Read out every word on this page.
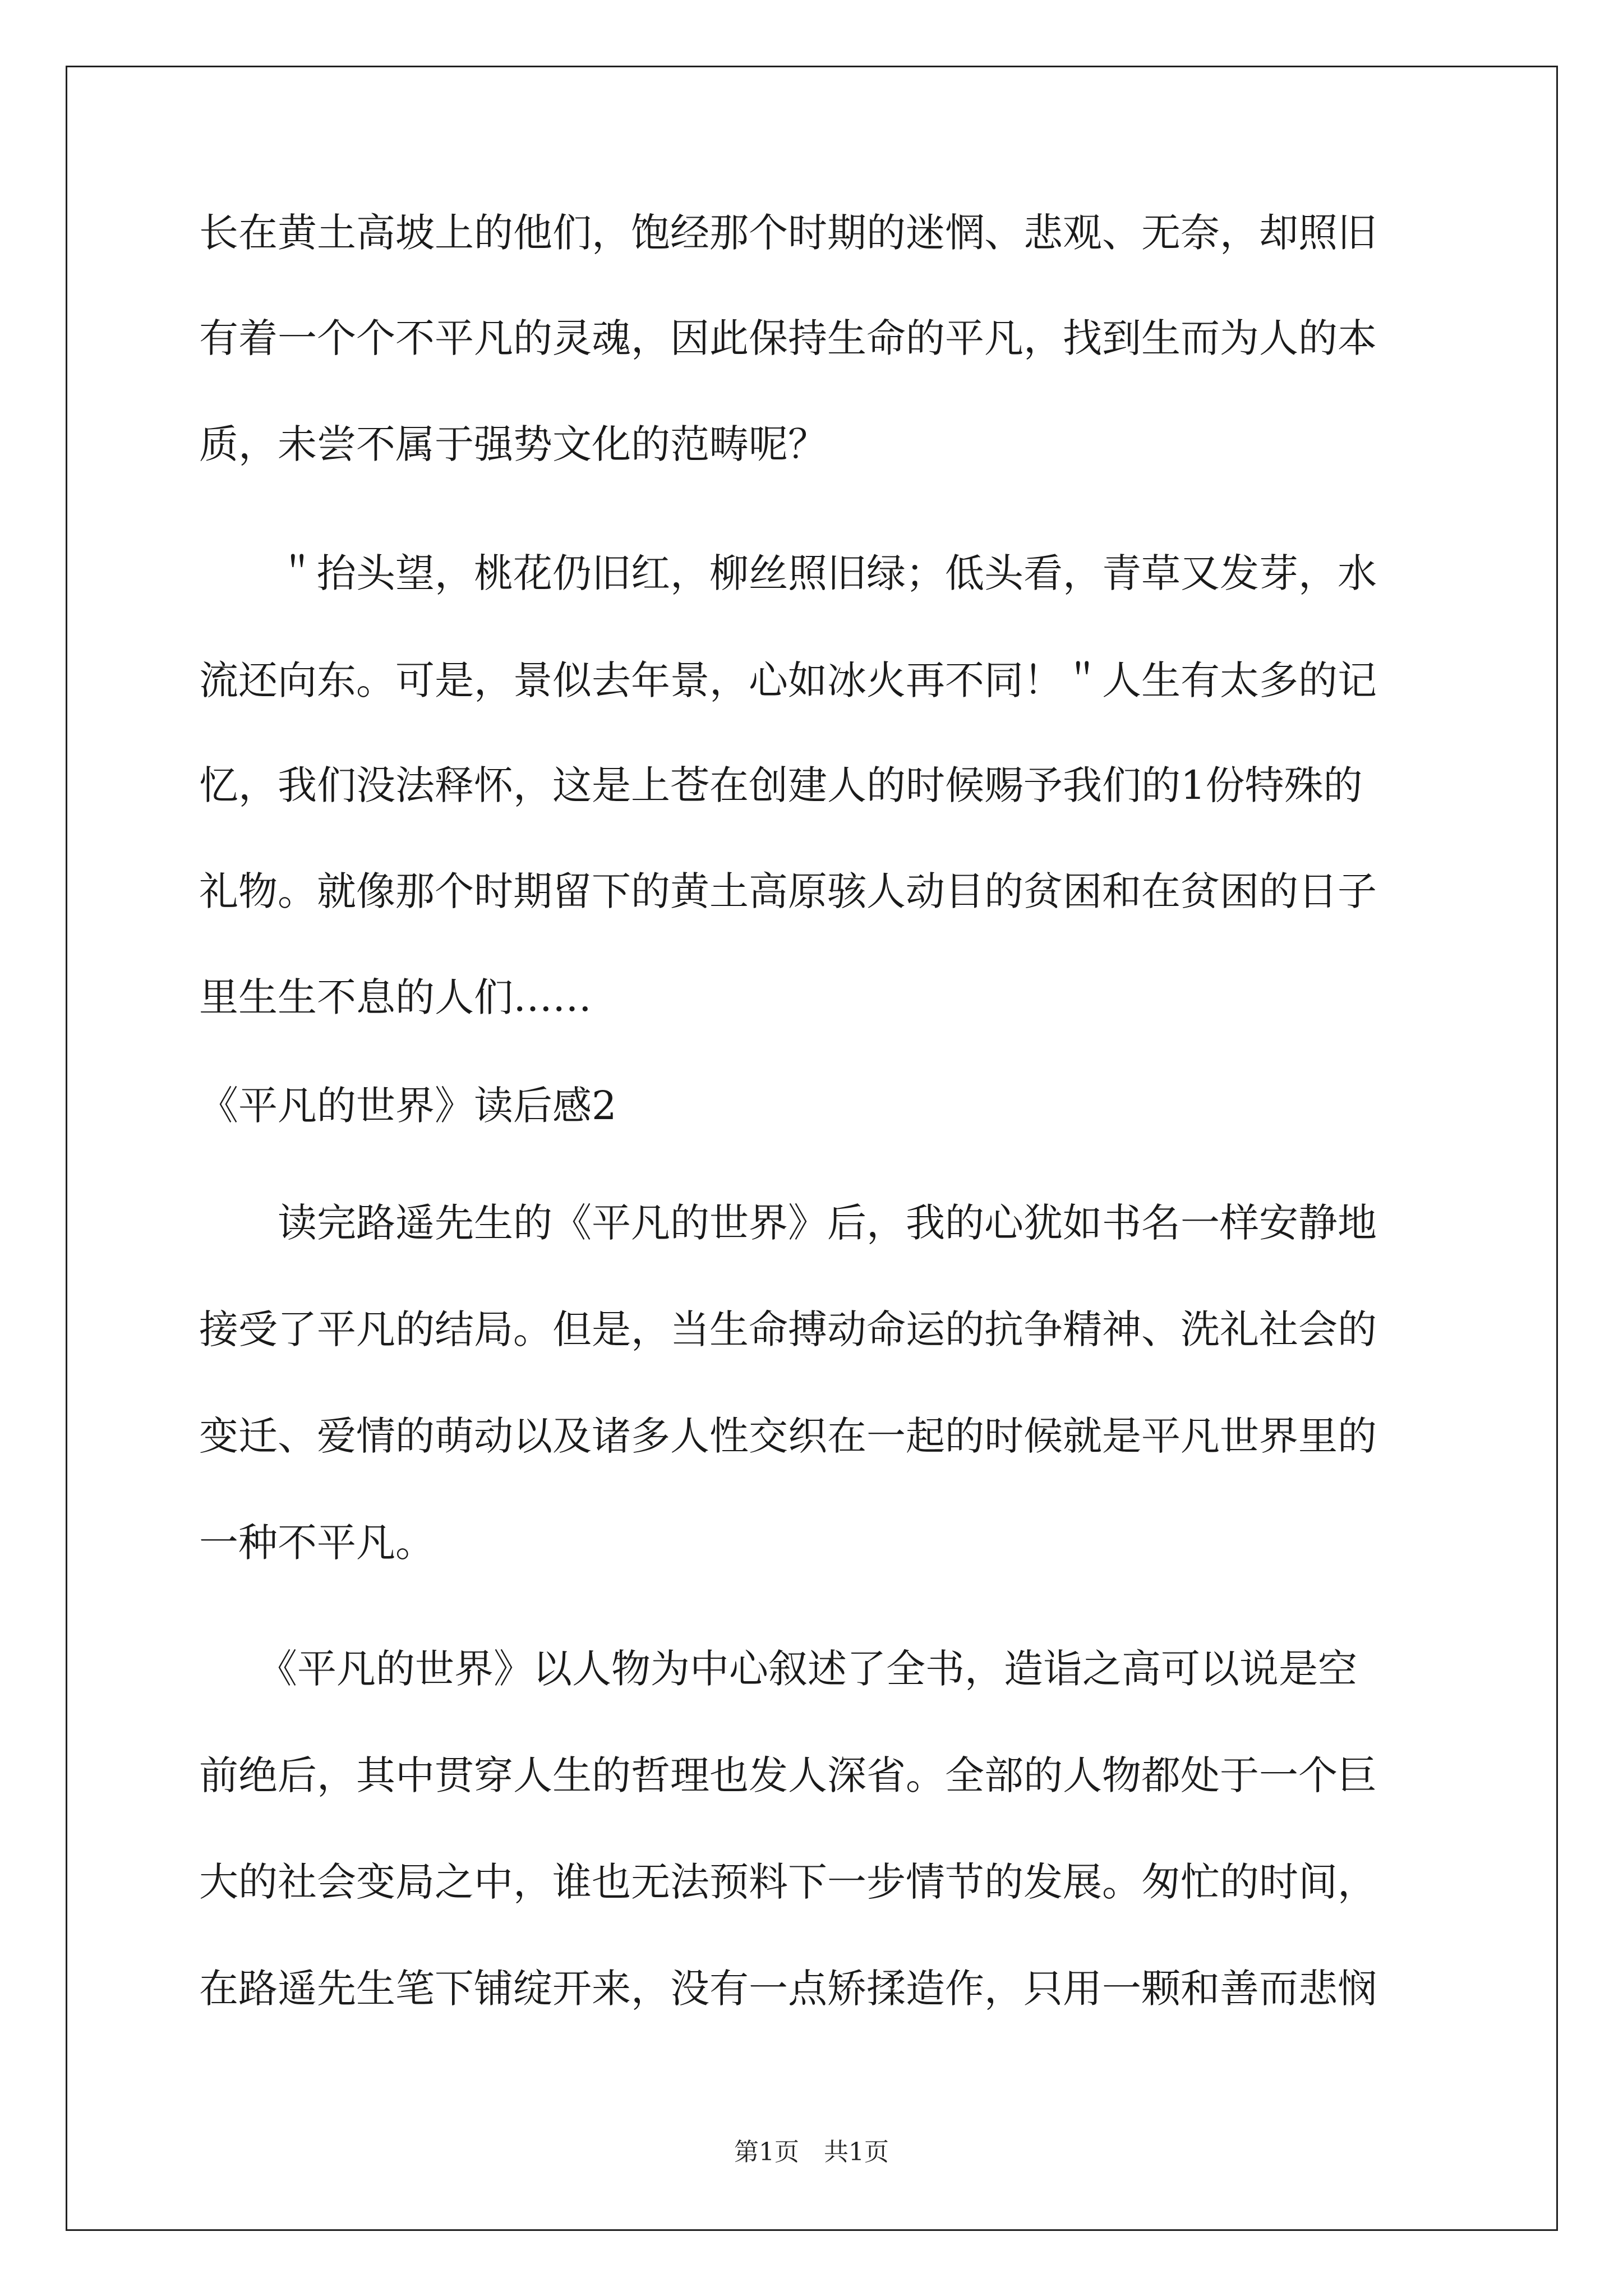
长在黄土高坡上的他们，饱经那个时期的迷惘、悲观、无奈，却照旧
有着一个个不平凡的灵魂，因此保持生命的平凡，找到生而为人的本
质，未尝不属于强势文化的范畴呢？
　　＂抬头望，桃花仍旧红，柳丝照旧绿；低头看，青草又发芽，水
流还向东。可是，景似去年景，心如冰火再不同！＂人生有太多的记
忆，我们没法释怀，这是上苍在创建人的时候赐予我们的1份特殊的
礼物。就像那个时期留下的黄土高原骇人动目的贫困和在贫困的日子
里生生不息的人们……
《平凡的世界》读后感2
　　读完路遥先生的《平凡的世界》后，我的心犹如书名一样安静地
接受了平凡的结局。但是，当生命搏动命运的抗争精神、洗礼社会的
变迁、爱情的萌动以及诸多人性交织在一起的时候就是平凡世界里的
一种不平凡。
　　《平凡的世界》以人物为中心叙述了全书，造诣之高可以说是空
前绝后，其中贯穿人生的哲理也发人深省。全部的人物都处于一个巨
大的社会变局之中，谁也无法预料下一步情节的发展。匆忙的时间，
在路遥先生笔下铺绽开来，没有一点矫揉造作，只用一颗和善而悲悯
第1页　共1页
